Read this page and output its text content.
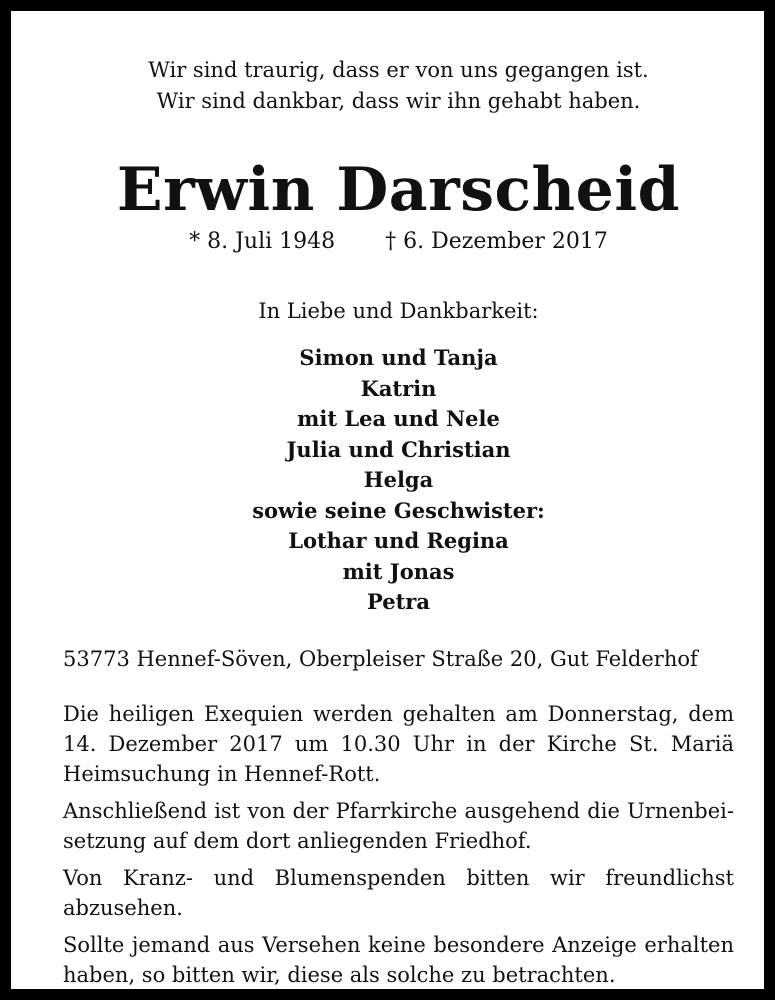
Wir sind traurig, dass er von uns gegangen ist.
Wir sind dankbar, dass wir ihn gehabt haben.
Erwin Darscheid
* 8. Juli 1948 † 6. Dezember 2017
In Liebe und Dankbarkeit:
Simon und Tanja
Katrin
mit Lea und Nele
Julia und Christian
Helga
sowie seine Geschwister:
Lothar und Regina
mit Jonas
Petra
53773 Hennef-Söven, Oberpleiser Straße 20, Gut Felderhof

Die heiligen Exequien werden gehalten am Donnerstag, dem 14. Dezember 2017 um 10.30 Uhr in der Kirche St. Mariä Heimsuchung in Hennef-Rott.

Anschließend ist von der Pfarrkirche ausgehend die Urnenbeisetzung auf dem dort anliegenden Friedhof.

Von Kranz- und Blumenspenden bitten wir freundlichst abzusehen.

Sollte jemand aus Versehen keine besondere Anzeige erhalten haben, so bitten wir, diese als solche zu betrachten.
